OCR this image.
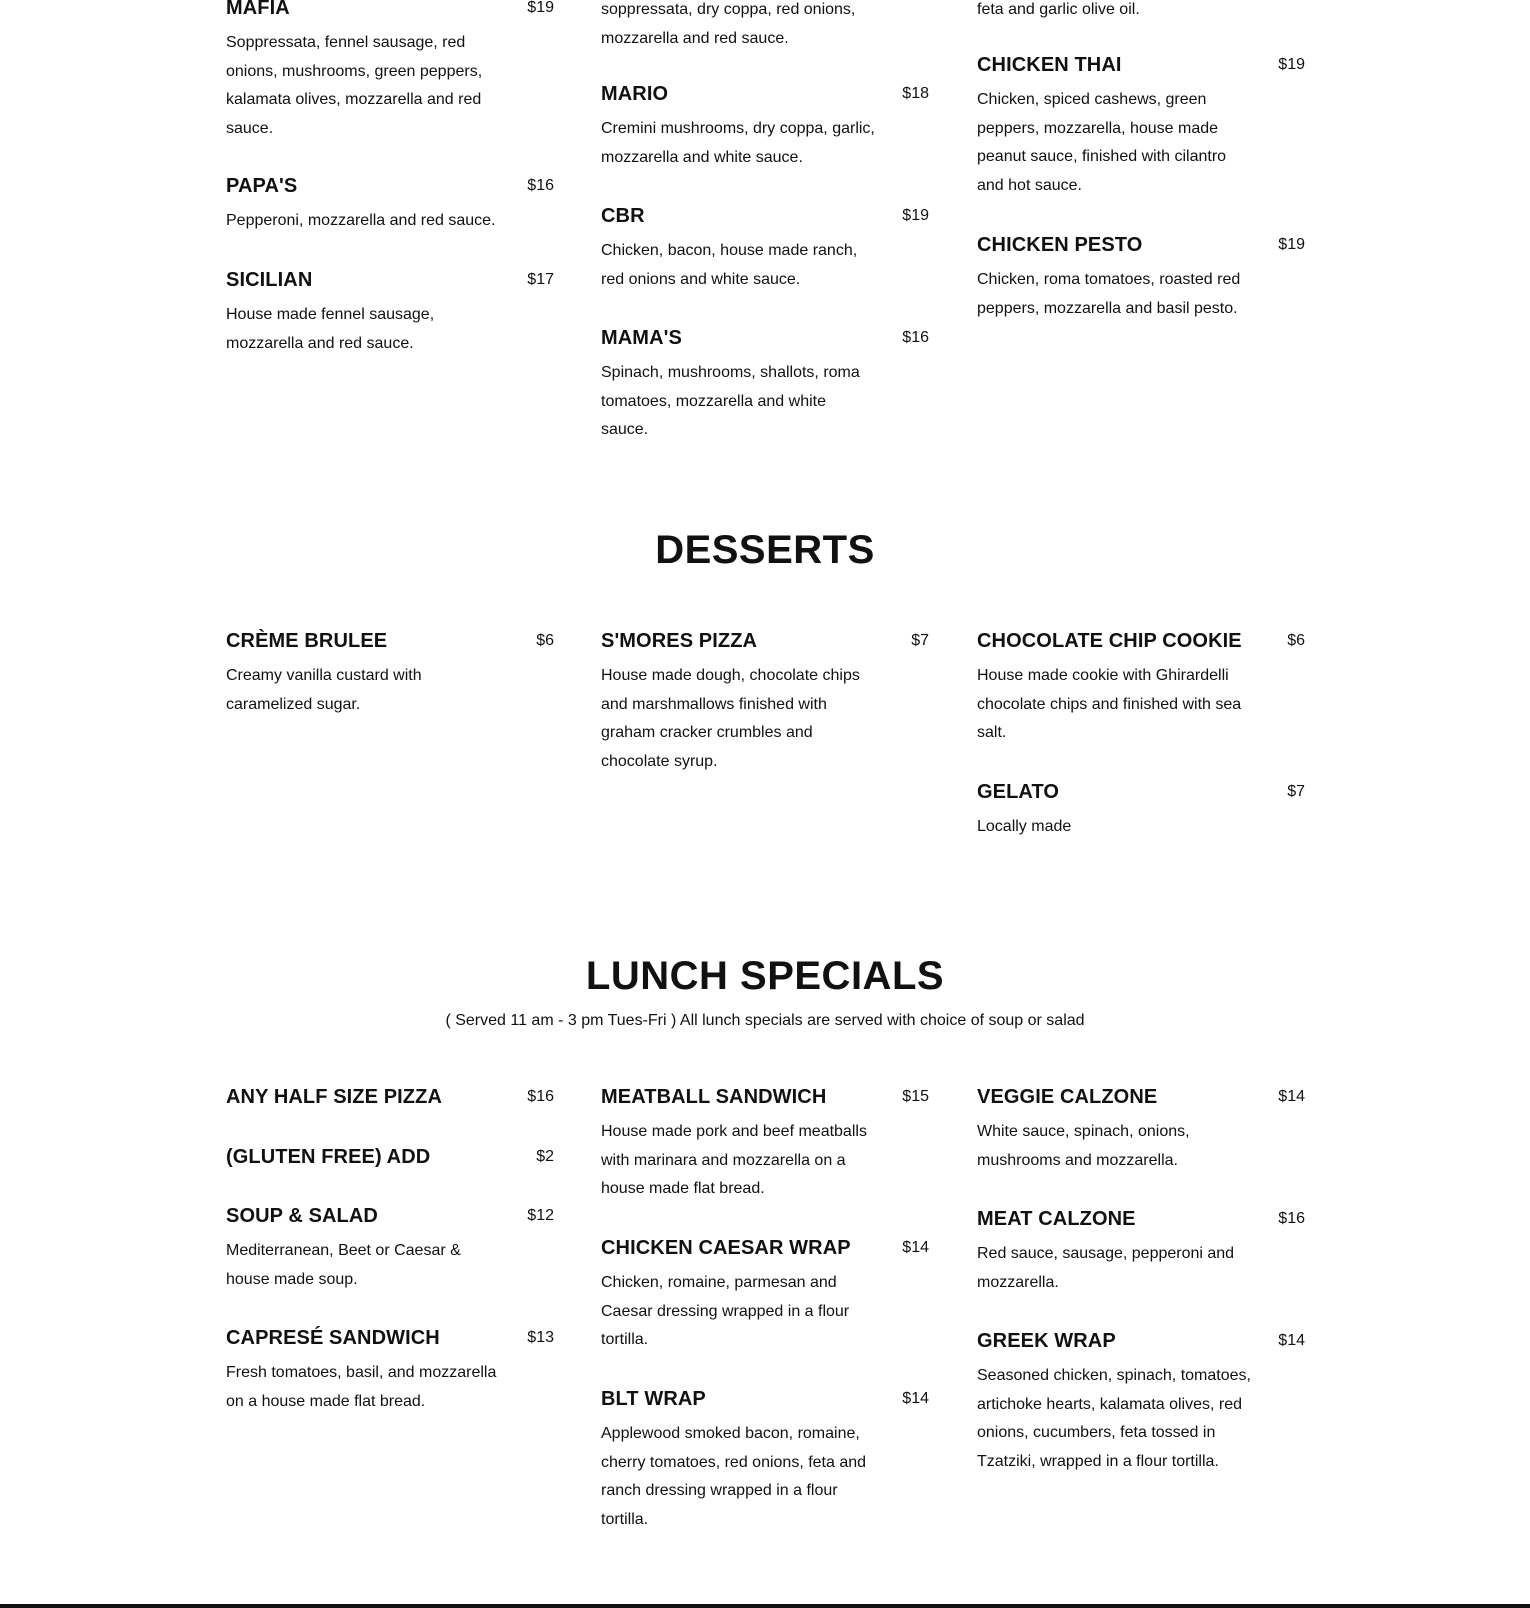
MAFIA	$19
Soppressata, fennel sausage, red onions, mushrooms, green peppers, kalamata olives, mozzarella and red sauce.
PAPA'S	$16
Pepperoni, mozzarella and red sauce.
SICILIAN	$17
House made fennel sausage, mozzarella and red sauce.
soppressata, dry coppa, red onions, mozzarella and red sauce.
MARIO	$18
Cremini mushrooms, dry coppa, garlic, mozzarella and white sauce.
CBR	$19
Chicken, bacon, house made ranch, red onions and white sauce.
MAMA'S	$16
Spinach, mushrooms, shallots, roma tomatoes, mozzarella and white sauce.
feta and garlic olive oil.
CHICKEN THAI	$19
Chicken, spiced cashews, green peppers, mozzarella, house made peanut sauce, finished with cilantro and hot sauce.
CHICKEN PESTO	$19
Chicken, roma tomatoes, roasted red peppers, mozzarella and basil pesto.
DESSERTS
CRÈME BRULEE	$6
Creamy vanilla custard with caramelized sugar.
S'MORES PIZZA	$7
House made dough, chocolate chips and marshmallows finished with graham cracker crumbles and chocolate syrup.
CHOCOLATE CHIP COOKIE	$6
House made cookie with Ghirardelli chocolate chips and finished with sea salt.
GELATO	$7
Locally made
LUNCH SPECIALS
( Served 11 am - 3 pm Tues-Fri ) All lunch specials are served with choice of soup or salad
ANY HALF SIZE PIZZA	$16
(GLUTEN FREE) ADD	$2
SOUP & SALAD	$12
Mediterranean, Beet or Caesar & house made soup.
CAPRESÉ SANDWICH	$13
Fresh tomatoes, basil, and mozzarella on a house made flat bread.
MEATBALL SANDWICH	$15
House made pork and beef meatballs with marinara and mozzarella on a house made flat bread.
CHICKEN CAESAR WRAP	$14
Chicken, romaine, parmesan and Caesar dressing wrapped in a flour tortilla.
BLT WRAP	$14
Applewood smoked bacon, romaine, cherry tomatoes, red onions, feta and ranch dressing wrapped in a flour tortilla.
VEGGIE CALZONE	$14
White sauce, spinach, onions, mushrooms and mozzarella.
MEAT CALZONE	$16
Red sauce, sausage, pepperoni and mozzarella.
GREEK WRAP	$14
Seasoned chicken, spinach, tomatoes, artichoke hearts, kalamata olives, red onions, cucumbers, feta tossed in Tzatziki, wrapped in a flour tortilla.
